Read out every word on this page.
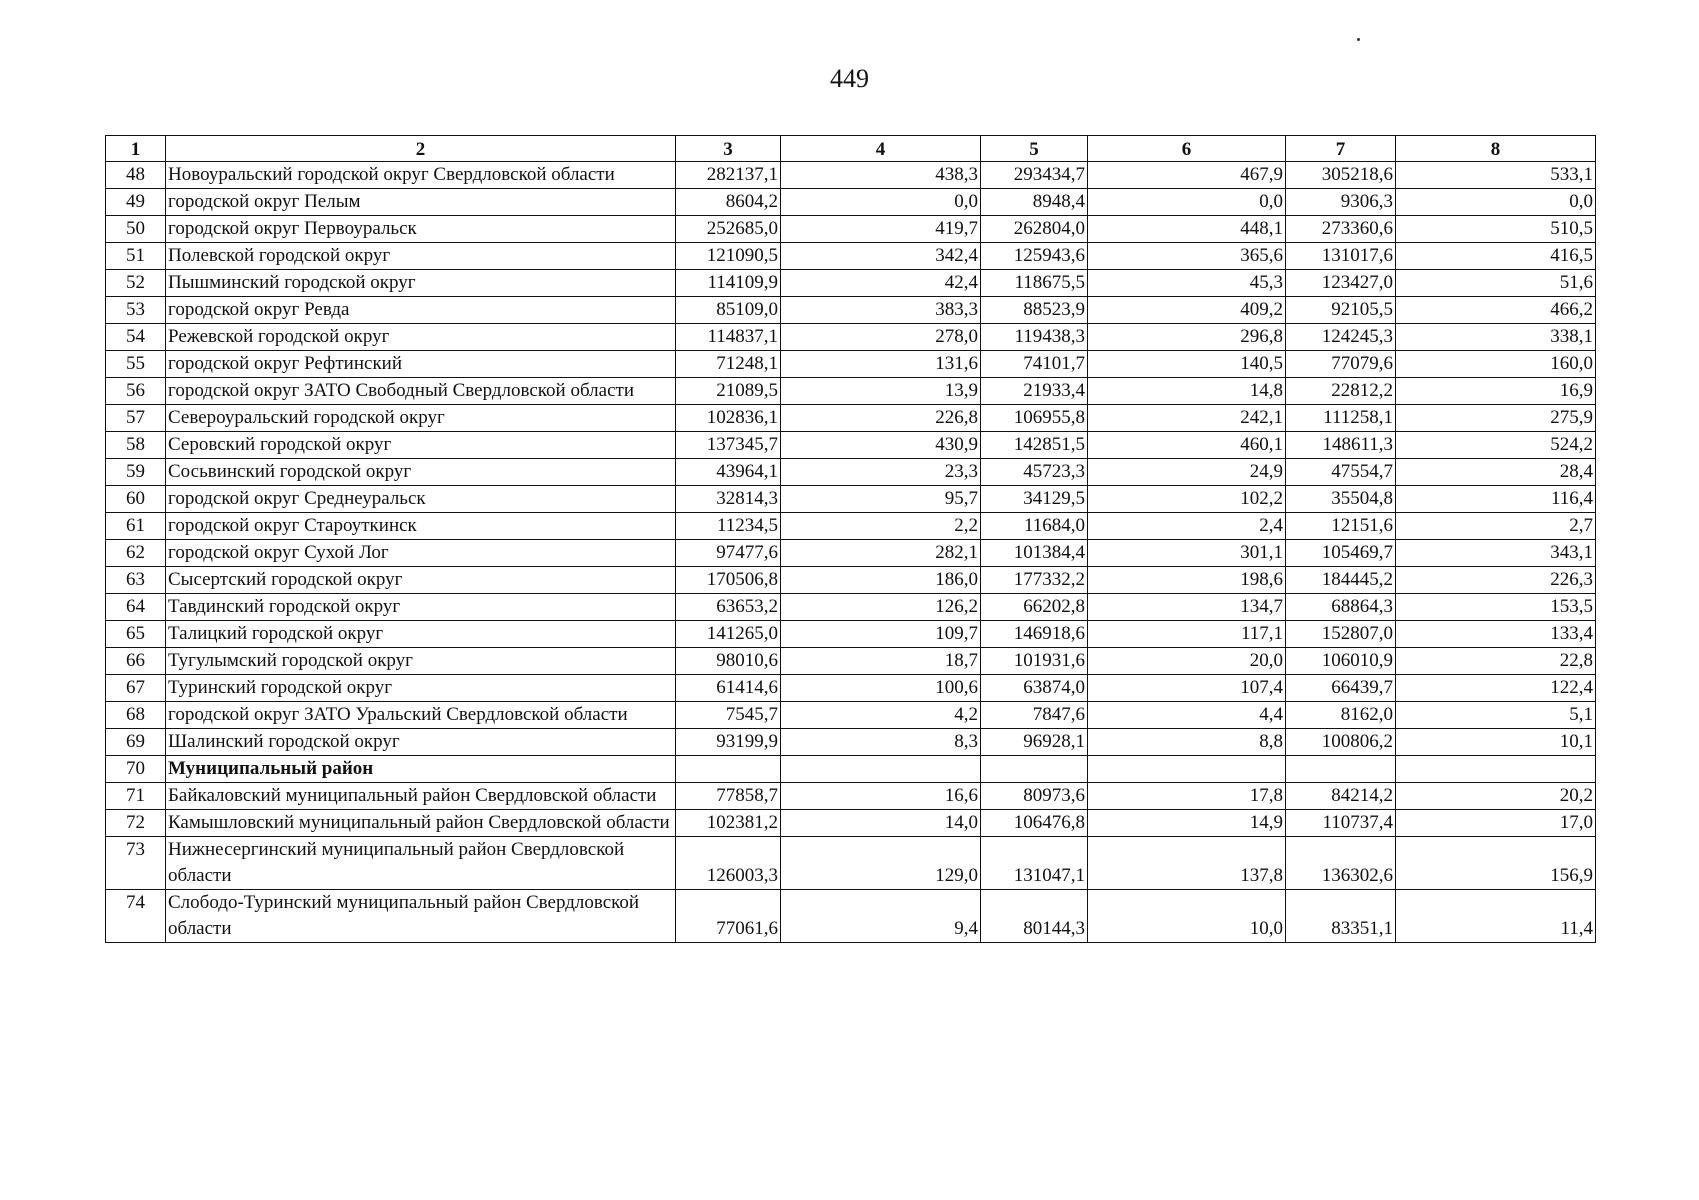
449
1	2	3	4	5	6	7	8
48	Новоуральский городской округ Свердловской области	282137,1	438,3	293434,7	467,9	305218,6	533,1
49	городской округ Пелым	8604,2	0,0	8948,4	0,0	9306,3	0,0
50	городской округ Первоуральск	252685,0	419,7	262804,0	448,1	273360,6	510,5
51	Полевской городской округ	121090,5	342,4	125943,6	365,6	131017,6	416,5
52	Пышминский городской округ	114109,9	42,4	118675,5	45,3	123427,0	51,6
53	городской округ Ревда	85109,0	383,3	88523,9	409,2	92105,5	466,2
54	Режевской городской округ	114837,1	278,0	119438,3	296,8	124245,3	338,1
55	городской округ Рефтинский	71248,1	131,6	74101,7	140,5	77079,6	160,0
56	городской округ ЗАТО Свободный Свердловской области	21089,5	13,9	21933,4	14,8	22812,2	16,9
57	Североуральский городской округ	102836,1	226,8	106955,8	242,1	111258,1	275,9
58	Серовский городской округ	137345,7	430,9	142851,5	460,1	148611,3	524,2
59	Сосьвинский городской округ	43964,1	23,3	45723,3	24,9	47554,7	28,4
60	городской округ Среднеуральск	32814,3	95,7	34129,5	102,2	35504,8	116,4
61	городской округ Староуткинск	11234,5	2,2	11684,0	2,4	12151,6	2,7
62	городской округ Сухой Лог	97477,6	282,1	101384,4	301,1	105469,7	343,1
63	Сысертский городской округ	170506,8	186,0	177332,2	198,6	184445,2	226,3
64	Тавдинский городской округ	63653,2	126,2	66202,8	134,7	68864,3	153,5
65	Талицкий городской округ	141265,0	109,7	146918,6	117,1	152807,0	133,4
66	Тугулымский городской округ	98010,6	18,7	101931,6	20,0	106010,9	22,8
67	Туринский городской округ	61414,6	100,6	63874,0	107,4	66439,7	122,4
68	городской округ ЗАТО Уральский Свердловской области	7545,7	4,2	7847,6	4,4	8162,0	5,1
69	Шалинский городской округ	93199,9	8,3	96928,1	8,8	100806,2	10,1
70	Муниципальный район						
71	Байкаловский муниципальный район Свердловской области	77858,7	16,6	80973,6	17,8	84214,2	20,2
72	Камышловский муниципальный район Свердловской области	102381,2	14,0	106476,8	14,9	110737,4	17,0
73	Нижнесергинский муниципальный район Свердловской области	126003,3	129,0	131047,1	137,8	136302,6	156,9
74	Слободо-Туринский муниципальный район Свердловской области	77061,6	9,4	80144,3	10,0	83351,1	11,4
